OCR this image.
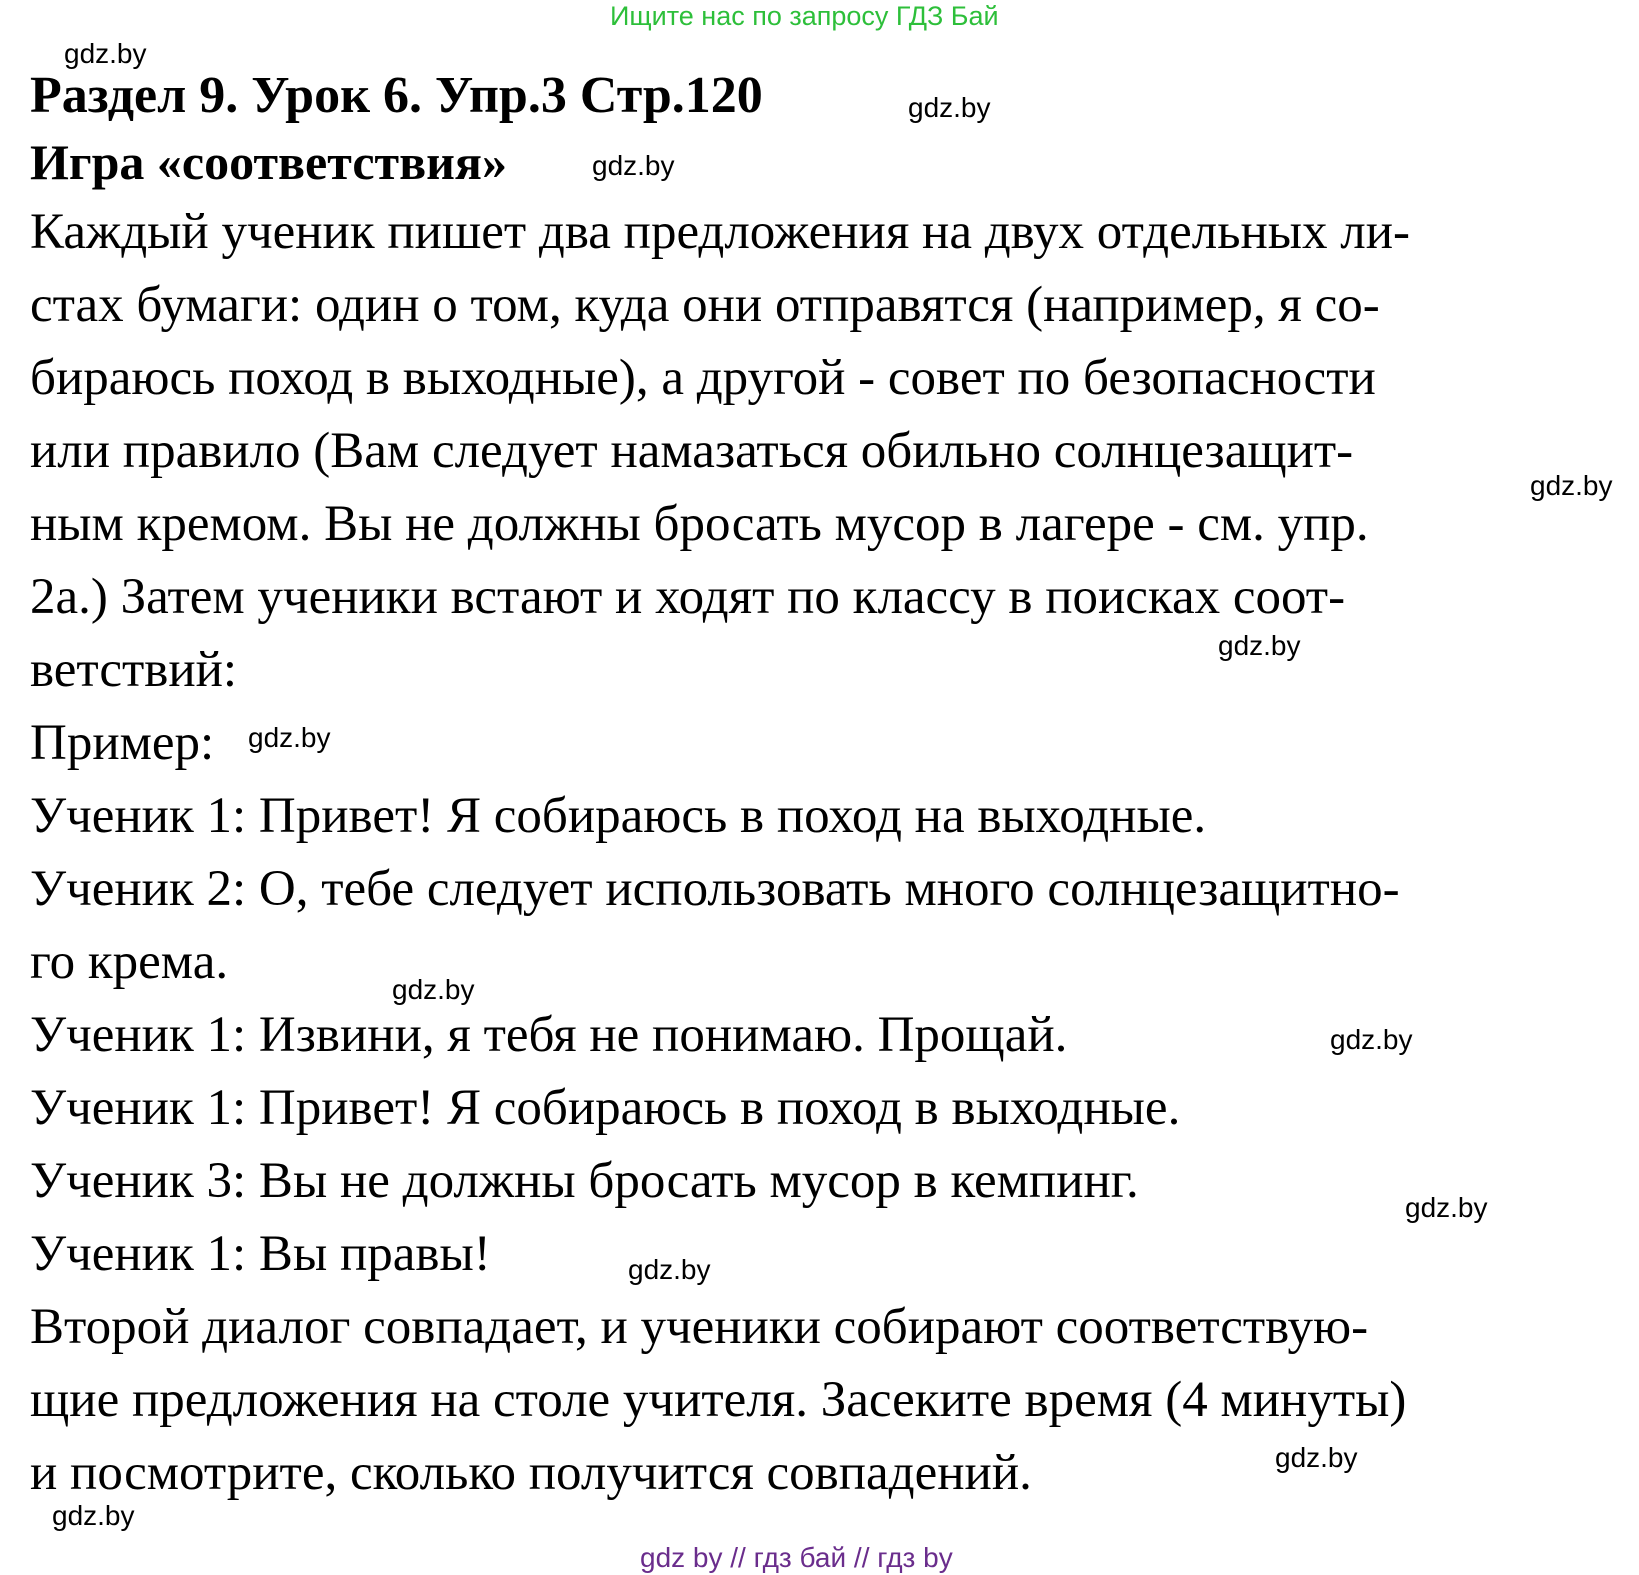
Ищите нас по запросу ГДЗ Бай
Раздел 9. Урок 6. Упр.3 Стр.120
Игра «соответствия»

Каждый ученик пишет два предложения на двух отдельных ли-

стах бумаги: один о том, куда они отправятся (например, я со-

бираюсь поход в выходные), а другой - совет по безопасности

или правило (Вам следует намазаться обильно солнцезащит-

ным кремом. Вы не должны бросать мусор в лагере - см. упр.

2а.) Затем ученики встают и ходят по классу в поисках соот-

ветствий:

Пример:

Ученик 1: Привет! Я собираюсь в поход на выходные.

Ученик 2: О, тебе следует использовать много солнцезащитно-

го крема.

Ученик 1: Извини, я тебя не понимаю. Прощай.

Ученик 1: Привет! Я собираюсь в поход в выходные.

Ученик 3: Вы не должны бросать мусор в кемпинг.

Ученик 1: Вы правы!

Второй диалог совпадает, и ученики собирают соответствую-

щие предложения на столе учителя. Засеките время (4 минуты)

и посмотрите, сколько получится совпадений.

gdz.by
gdz.by
gdz.by
gdz.by
gdz.by
gdz.by
gdz.by
gdz.by
gdz.by
gdz.by
gdz.by
gdz.by
gdz by // гдз бай // гдз by
